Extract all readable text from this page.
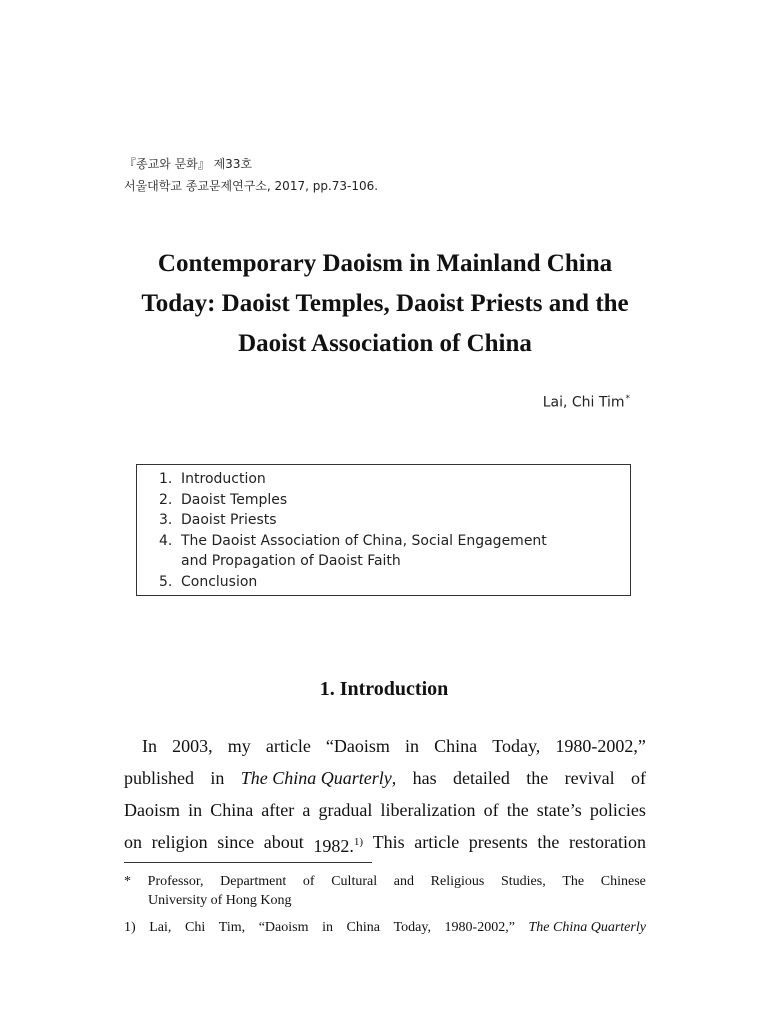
『종교와 문화』 제33호
서울대학교 종교문제연구소, 2017, pp.73-106.
Contemporary Daoism in Mainland China
Today: Daoist Temples, Daoist Priests and the
Daoist Association of China
Lai, Chi Tim*
1. Introduction
2. Daoist Temples
3. Daoist Priests
4. The Daoist Association of China, Social Engagement
and Propagation of Daoist Faith
5. Conclusion
1. Introduction
In 2003, my article “Daoism in China Today, 1980-2002,”
published in The China Quarterly, has detailed the revival of
Daoism in China after a gradual liberalization of the state’s policies
on religion since about 1982.$^{1)}$ This article presents the restoration
* Professor, Department of Cultural and Religious Studies, The Chinese
University of Hong Kong
1) Lai, Chi Tim, “Daoism in China Today, 1980-2002,” The China Quarterly
